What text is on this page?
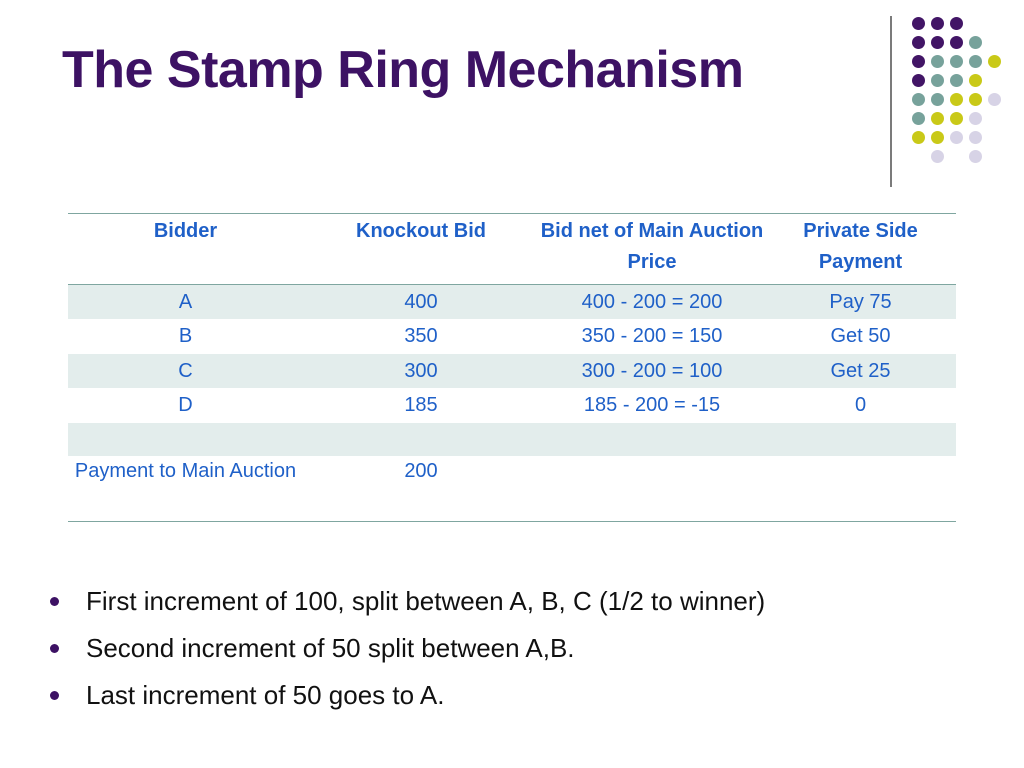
The Stamp Ring Mechanism
Bidder	Knockout Bid	Bid net of Main Auction Price	Private Side Payment
A	400	400 - 200 = 200	Pay 75
B	350	350 - 200 = 150	Get 50
C	300	300 - 200 = 100	Get 25
D	185	185 - 200 = -15	0

Payment to Main Auction	200		
First increment of 100, split between A, B, C (1/2 to winner)
Second increment of 50 split between A,B.
Last increment of 50 goes to A.
